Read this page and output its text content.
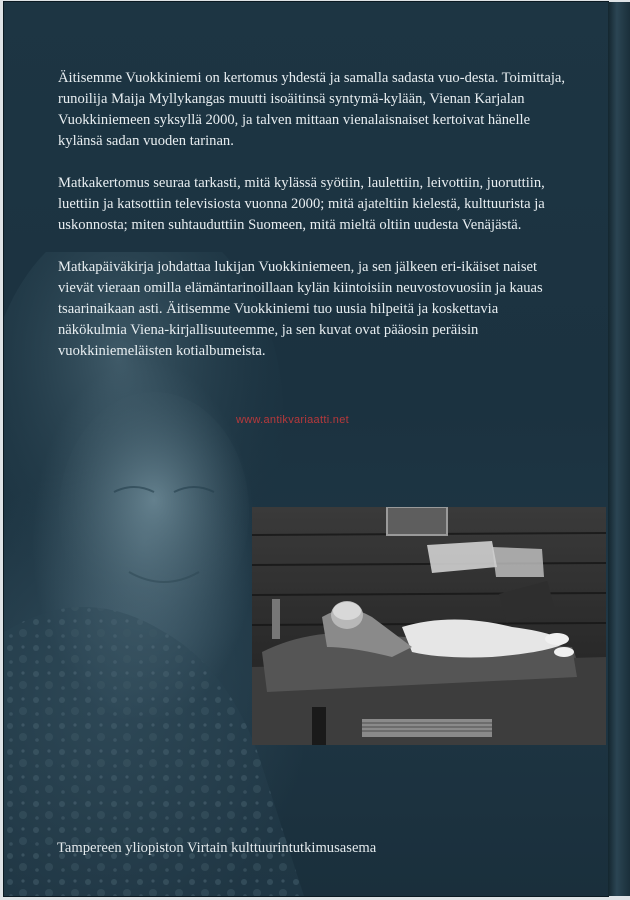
Äitisemme Vuokkiniemi on kertomus yhdestä ja samalla sadasta vuo-desta. Toimittaja, runoilija Maija Myllykangas muutti isoäitinsä syntymä-kylään, Vienan Karjalan Vuokkiniemeen syksyllä 2000, ja talven mittaan vienalaisnaiset kertoivat hänelle kylänsä sadan vuoden tarinan.

Matkakertomus seuraa tarkasti, mitä kylässä syötiin, laulettiin, leivottiin, juoruttiin, luettiin ja katsottiin televisiosta vuonna 2000; mitä ajateltiin kielestä, kulttuurista ja uskonnosta; miten suhtauduttiin Suomeen, mitä mieltä oltiin uudesta Venäjästä.

Matkapäiväkirja johdattaa lukijan Vuokkiniemeen, ja sen jälkeen eri-ikäiset naiset vievät vieraan omilla elämäntarinoillaan kylän kiintoisiin neuvostovuosiin ja kauas tsaarinaikaan asti. Äitisemme Vuokkiniemi tuo uusia hilpeitä ja koskettavia näkökulmia Viena-kirjallisuuteemme, ja sen kuvat ovat pääosin peräisin vuokkiniemeläisten kotialbumeista.

www.antikvariaatti.net
Tampereen yliopiston Virtain kulttuurintutkimusasema
